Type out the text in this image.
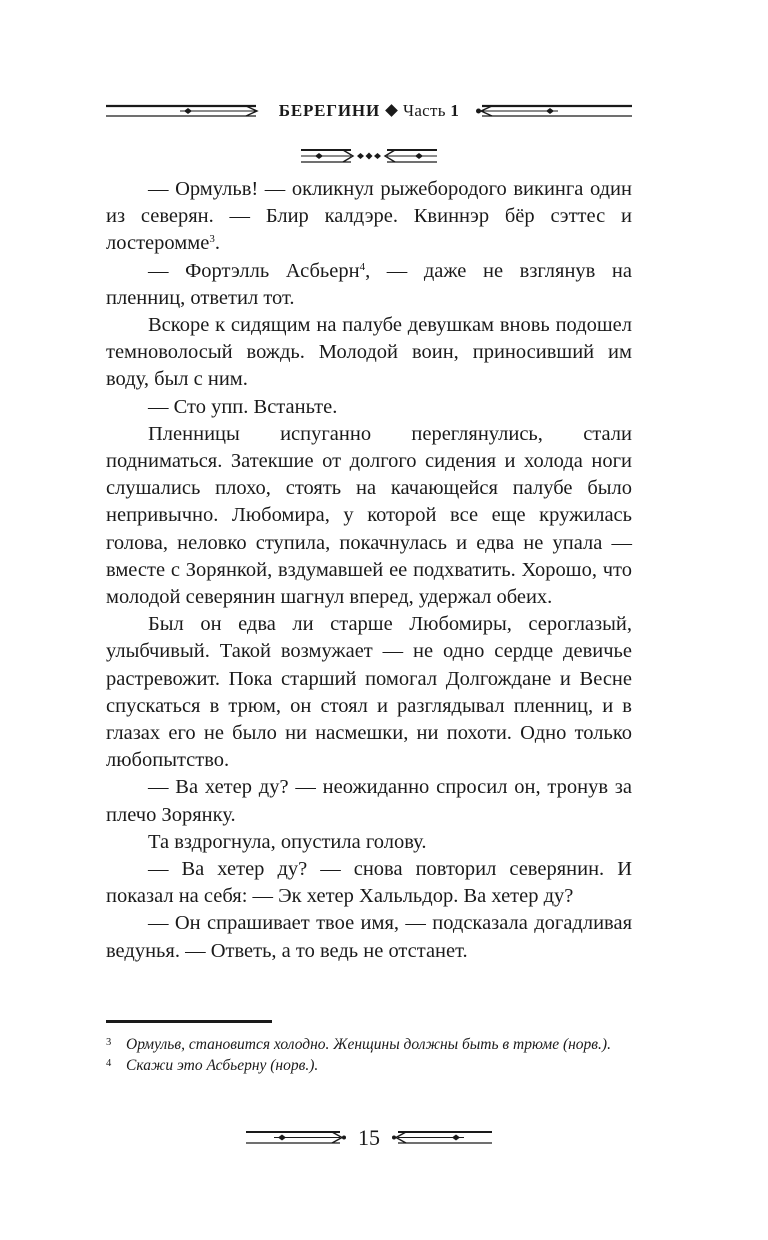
БЕРЕГИНИ Часть 1

— Ормульв! — окликнул рыжебородого викинга один из северян. — Блир калдэре. Квиннэр бёр сэттес и лостеромме$^3$.

— Фортэлль Асбьерн$^4$, — даже не взглянув на пленниц, ответил тот.

Вскоре к сидящим на палубе девушкам вновь подошел темноволосый вождь. Молодой воин, приносивший им воду, был с ним.

— Сто упп. Встаньте.

Пленницы испуганно переглянулись, стали подниматься. Затекшие от долгого сидения и холода ноги слушались плохо, стоять на качающейся палубе было непривычно. Любомира, у которой все еще кружилась голова, неловко ступила, покачнулась и едва не упала — вместе с Зорянкой, вздумавшей ее подхватить. Хорошо, что молодой северянин шагнул вперед, удержал обеих.

Был он едва ли старше Любомиры, сероглазый, улыбчивый. Такой возмужает — не одно сердце девичье растревожит. Пока старший помогал Долгождане и Весне спускаться в трюм, он стоял и разглядывал пленниц, и в глазах его не было ни насмешки, ни похоти. Одно только любопытство.

— Ва хетер ду? — неожиданно спросил он, тронув за плечо Зорянку.

Та вздрогнула, опустила голову.

— Ва хетер ду? — снова повторил северянин. И показал на себя: — Эк хетер Хальльдор. Ва хетер ду?

— Он спрашивает твое имя, — подсказала догадливая ведунья. — Ответь, а то ведь не отстанет.

3 Ормульв, становится холодно. Женщины должны быть в трюме (норв.).
4 Скажи это Асбьерну (норв.).
15
